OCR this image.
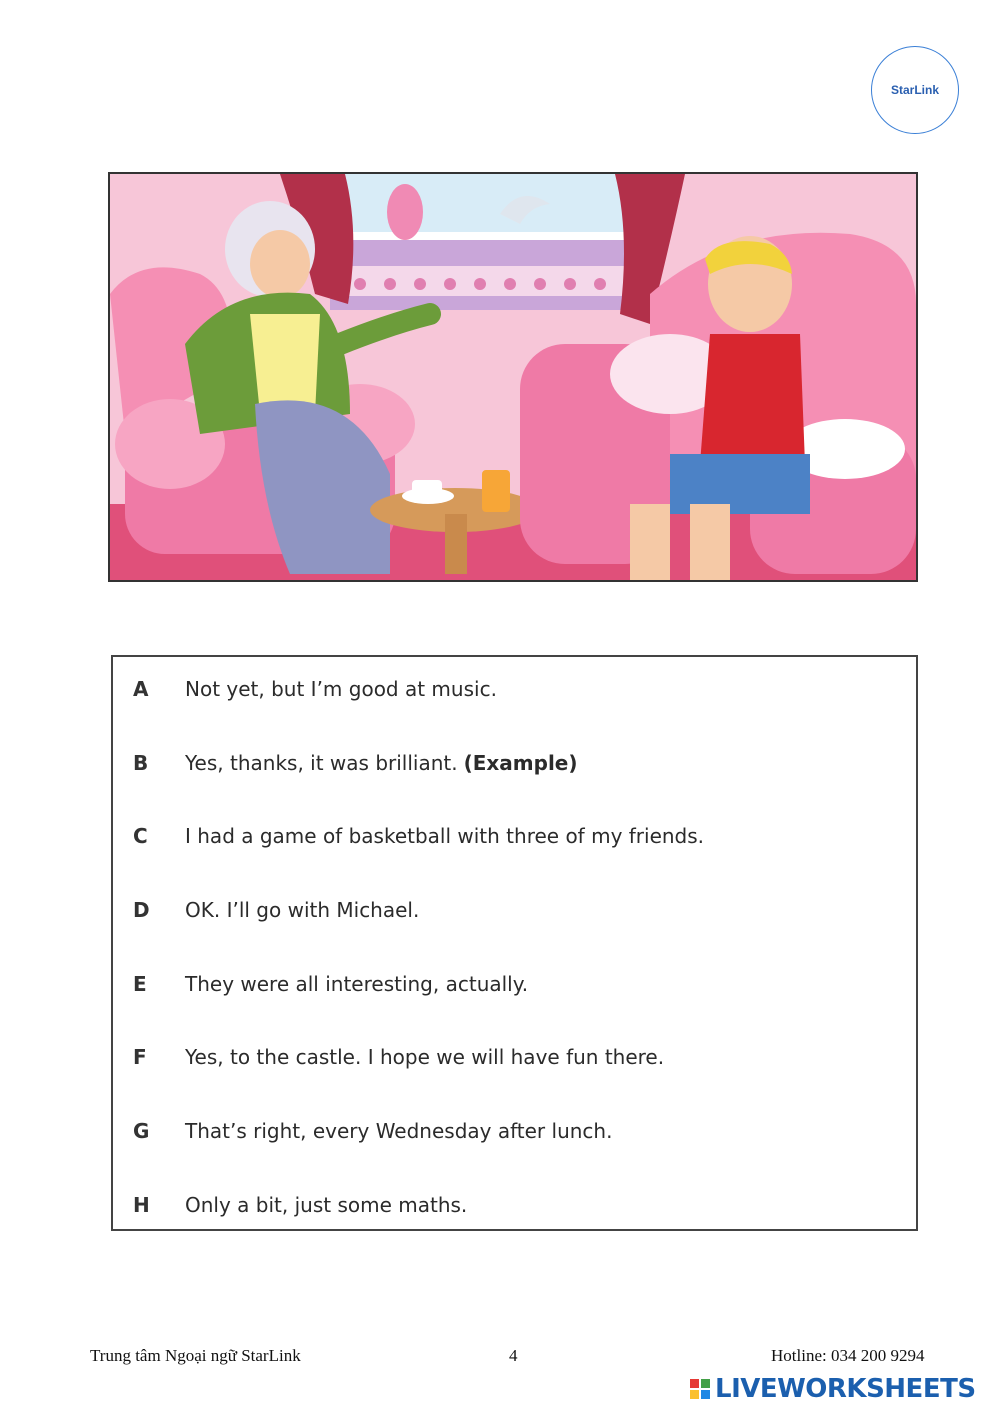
StarLink
A	Not yet, but I’m good at music.
B	Yes, thanks, it was brilliant. (Example)
C	I had a game of basketball with three of my friends.
D	OK. I’ll go with Michael.
E	They were all interesting, actually.
F	Yes, to the castle. I hope we will have fun there.
G	That’s right, every Wednesday after lunch.
H	Only a bit, just some maths.
Trung tâm Ngoại ngữ StarLink	4	Hotline: 034 200 9294
LIVEWORKSHEETS
